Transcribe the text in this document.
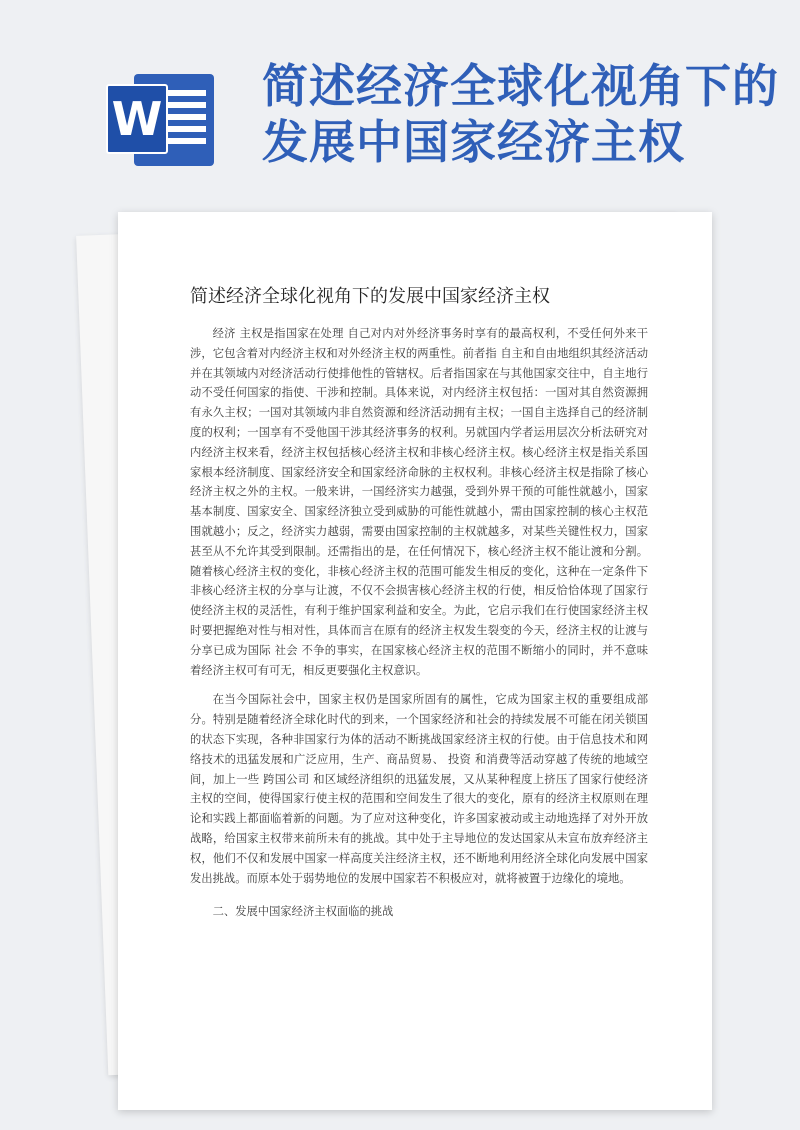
W
简述经济全球化视角下的发展中国家经济主权
简述经济全球化视角下的发展中国家经济主权

经济 主权是指国家在处理 自己对内对外经济事务时享有的最高权利，不受任何外来干涉，它包含着对内经济主权和对外经济主权的两重性。前者指 自主和自由地组织其经济活动并在其领域内对经济活动行使排他性的管辖权。后者指国家在与其他国家交往中，自主地行动不受任何国家的指使、干涉和控制。具体来说，对内经济主权包括：一国对其自然资源拥有永久主权；一国对其领域内非自然资源和经济活动拥有主权；一国自主选择自己的经济制度的权利；一国享有不受他国干涉其经济事务的权利。另就国内学者运用层次分析法研究对内经济主权来看，经济主权包括核心经济主权和非核心经济主权。核心经济主权是指关系国家根本经济制度、国家经济安全和国家经济命脉的主权权利。非核心经济主权是指除了核心经济主权之外的主权。一般来讲，一国经济实力越强，受到外界干预的可能性就越小，国家基本制度、国家安全、国家经济独立受到威胁的可能性就越小，需由国家控制的核心主权范围就越小；反之，经济实力越弱，需要由国家控制的主权就越多，对某些关键性权力，国家甚至从不允许其受到限制。还需指出的是，在任何情况下，核心经济主权不能让渡和分割。随着核心经济主权的变化，非核心经济主权的范围可能发生相反的变化，这种在一定条件下非核心经济主权的分享与让渡，不仅不会损害核心经济主权的行使，相反恰恰体现了国家行使经济主权的灵活性，有利于维护国家利益和安全。为此，它启示我们在行使国家经济主权时要把握绝对性与相对性，具体而言在原有的经济主权发生裂变的今天，经济主权的让渡与分享已成为国际 社会 不争的事实，在国家核心经济主权的范围不断缩小的同时，并不意味着经济主权可有可无，相反更要强化主权意识。

在当今国际社会中，国家主权仍是国家所固有的属性，它成为国家主权的重要组成部分。特别是随着经济全球化时代的到来，一个国家经济和社会的持续发展不可能在闭关锁国的状态下实现，各种非国家行为体的活动不断挑战国家经济主权的行使。由于信息技术和网络技术的迅猛发展和广泛应用，生产、商品贸易、 投资 和消费等活动穿越了传统的地域空间，加上一些 跨国公司 和区域经济组织的迅猛发展，又从某种程度上挤压了国家行使经济主权的空间，使得国家行使主权的范围和空间发生了很大的变化，原有的经济主权原则在理论和实践上都面临着新的问题。为了应对这种变化，许多国家被动或主动地选择了对外开放战略，给国家主权带来前所未有的挑战。其中处于主导地位的发达国家从未宣布放弃经济主权，他们不仅和发展中国家一样高度关注经济主权，还不断地利用经济全球化向发展中国家发出挑战。而原本处于弱势地位的发展中国家若不积极应对，就将被置于边缘化的境地。

二、发展中国家经济主权面临的挑战
